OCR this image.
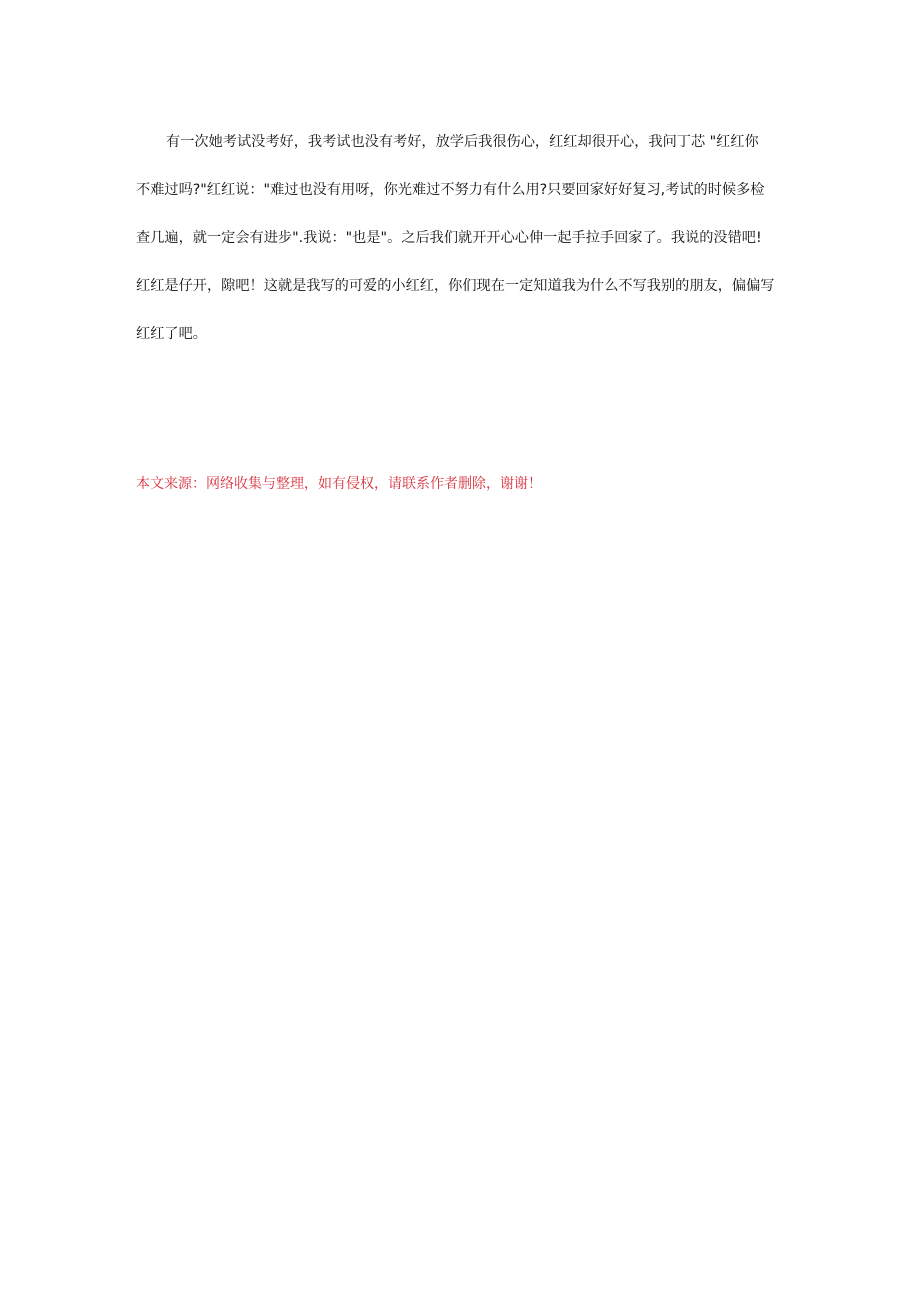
有一次她考试没考好，我考试也没有考好，放学后我很伤心，红红却很开心，我问丁芯 "红红你
不难过吗?"红红说："难过也没有用呀，你光难过不努力有什么用?只要回家好好复习,考试的时候多检
查几遍，就一定会有进步".我说："也是"。之后我们就开开心心伸一起手拉手回家了。我说的没错吧!
红红是仔开，隙吧！这就是我写的可爱的小红红，你们现在一定知道我为什么不写我别的朋友，偏偏写
红红了吧。
本文来源：网络收集与整理，如有侵权，请联系作者删除，谢谢！
